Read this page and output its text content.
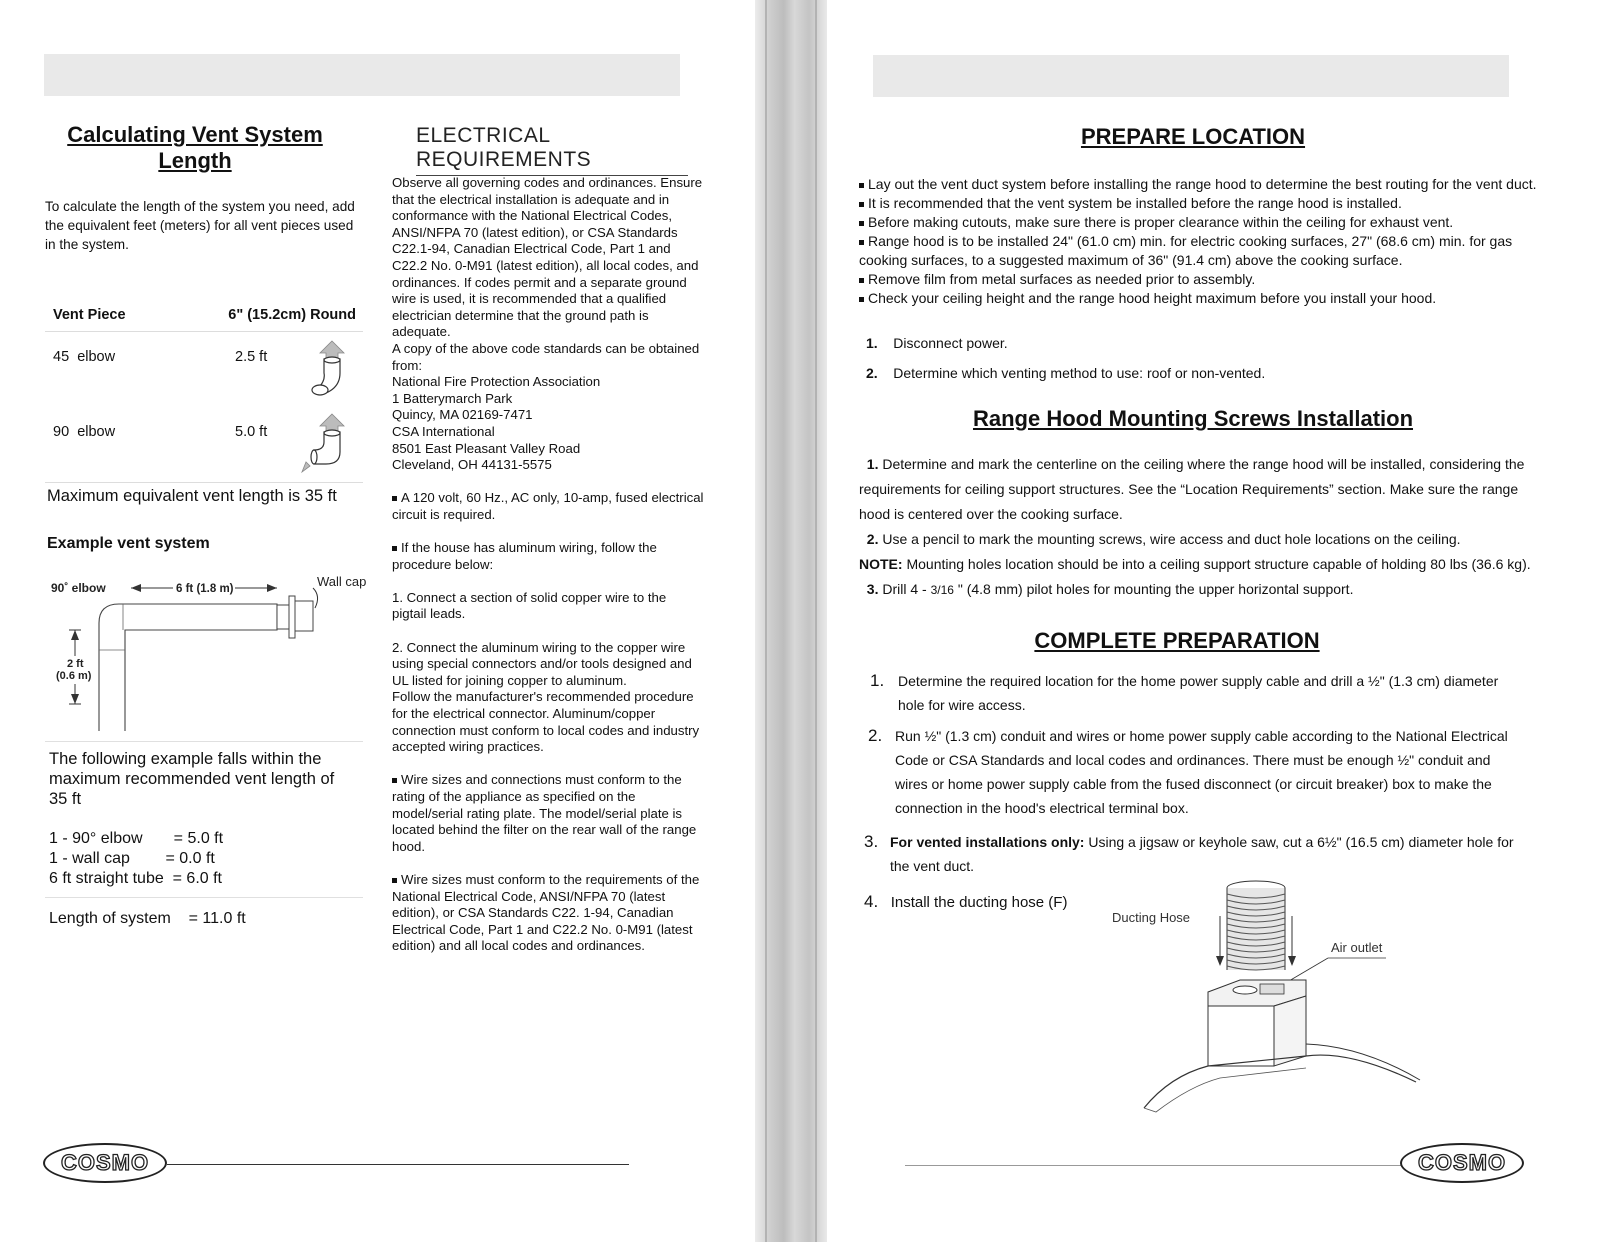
Calculating Vent System Length
To calculate the length of the system you need, add the equivalent feet (meters) for all vent pieces used in the system.
Vent Piece	6" (15.2cm) Round
45 elbow	2.5 ft
90 elbow	5.0 ft
Maximum equivalent vent length is 35 ft
Example vent system
90˚ elbow	Wall cap
6 ft (1.8 m)
2 ft
(0.6 m)
The following example falls within the maximum recommended vent length of 35 ft
1 - 90° elbow       = 5.0 ft
1 - wall cap        = 0.0 ft
6 ft straight tube  = 6.0 ft
Length of system    = 11.0 ft
ELECTRICAL REQUIREMENTS
Observe all governing codes and ordinances. Ensure that the electrical installation is adequate and in conformance with the National Electrical Codes, ANSI/NFPA 70 (latest edition), or CSA Standards C22.1-94, Canadian Electrical Code, Part 1 and C22.2 No. 0-M91 (latest edition), all local codes, and ordinances. If codes permit and a separate ground wire is used, it is recommended that a qualified electrician determine that the ground path is adequate.
A copy of the above code standards can be obtained from:
National Fire Protection Association
1 Batterymarch Park
Quincy, MA 02169-7471
CSA International
8501 East Pleasant Valley Road
Cleveland, OH 44131-5575
A 120 volt, 60 Hz., AC only, 10-amp, fused electrical circuit is required.
If the house has aluminum wiring, follow the procedure below:
1. Connect a section of solid copper wire to the pigtail leads.
2. Connect the aluminum wiring to the copper wire using special connectors and/or tools designed and UL listed for joining copper to aluminum.
Follow the manufacturer's recommended procedure for the electrical connector. Aluminum/copper connection must conform to local codes and industry accepted wiring practices.
Wire sizes and connections must conform to the rating of the appliance as specified on the model/serial rating plate. The model/serial plate is located behind the filter on the rear wall of the range hood.
Wire sizes must conform to the requirements of the National Electrical Code, ANSI/NFPA 70 (latest edition), or CSA Standards C22. 1-94, Canadian Electrical Code, Part 1 and C22.2 No. 0-M91 (latest edition) and all local codes and ordinances.
COSMO
PREPARE LOCATION
Lay out the vent duct system before installing the range hood to determine the best routing for the vent duct.
It is recommended that the vent system be installed before the range hood is installed.
Before making cutouts, make sure there is proper clearance within the ceiling for exhaust vent.
Range hood is to be installed 24" (61.0 cm) min. for electric cooking surfaces, 27" (68.6 cm) min. for gas cooking surfaces, to a suggested maximum of 36" (91.4 cm) above the cooking surface.
Remove film from metal surfaces as needed prior to assembly.
Check your ceiling height and the range hood height maximum before you install your hood.
1. Disconnect power.
2. Determine which venting method to use: roof or non-vented.
Range Hood Mounting Screws Installation
1. Determine and mark the centerline on the ceiling where the range hood will be installed, considering the requirements for ceiling support structures. See the “Location Requirements” section. Make sure the range hood is centered over the cooking surface.
2. Use a pencil to mark the mounting screws, wire access and duct hole locations on the ceiling.
NOTE: Mounting holes location should be into a ceiling support structure capable of holding 80 lbs (36.6 kg).
3. Drill 4 - 3/16 " (4.8 mm) pilot holes for mounting the upper horizontal support.
COMPLETE PREPARATION
1. Determine the required location for the home power supply cable and drill a ½" (1.3 cm) diameter hole for wire access.
2. Run ½" (1.3 cm) conduit and wires or home power supply cable according to the National Electrical Code or CSA Standards and local codes and ordinances. There must be enough ½" conduit and wires or home power supply cable from the fused disconnect (or circuit breaker) box to make the connection in the hood's electrical terminal box.
3. For vented installations only: Using a jigsaw or keyhole saw, cut a 6½" (16.5 cm) diameter hole for the vent duct.
4. Install the ducting hose (F)
Ducting Hose
Air outlet
COSMO
